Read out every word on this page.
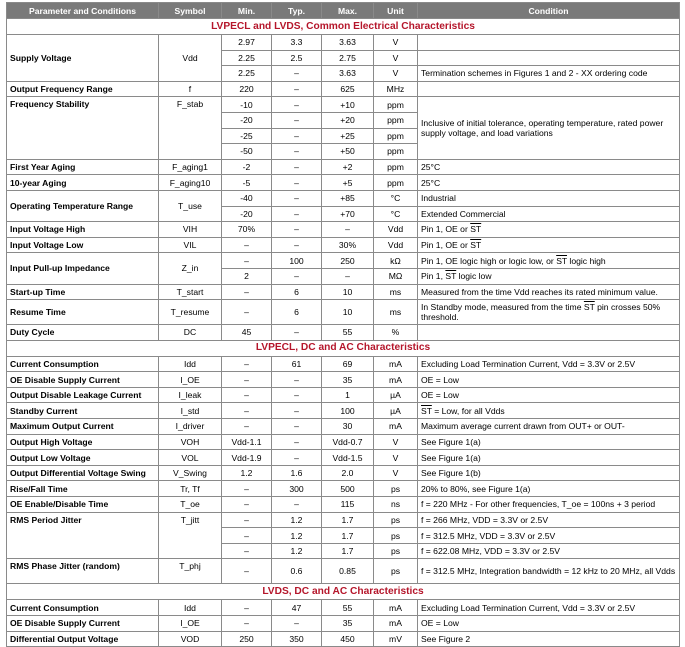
Parameter and Conditions	Symbol	Min.	Typ.	Max.	Unit	Condition
LVPECL and LVDS, Common Electrical Characteristics						
Supply Voltage	Vdd	2.97	3.3	3.63	V	
		2.25	2.5	2.75	V	
		2.25	–	3.63	V	Termination schemes in Figures 1 and 2 - XX ordering code
Output Frequency Range	f	220	–	625	MHz	
Frequency Stability	F_stab	-10	–	+10	ppm	Inclusive of initial tolerance, operating temperature, rated power supply voltage, and load variations
		-20	–	+20	ppm	
		-25	–	+25	ppm	
		-50	–	+50	ppm	
First Year Aging	F_aging1	-2	–	+2	ppm	25°C
10-year Aging	F_aging10	-5	–	+5	ppm	25°C
Operating Temperature Range	T_use	-40	–	+85	°C	Industrial
		-20	–	+70	°C	Extended Commercial
Input Voltage High	VIH	70%	–	–	Vdd	Pin 1, OE or $\overline{ST}$
Input Voltage Low	VIL	–	–	30%	Vdd	Pin 1, OE or $\overline{ST}$
Input Pull-up Impedance	Z_in	–	100	250	kΩ	Pin 1, OE logic high or logic low, or $\overline{ST}$ logic high
		2	–	–	MΩ	Pin 1, $\overline{ST}$ logic low
Start-up Time	T_start	–	6	10	ms	Measured from the time Vdd reaches its rated minimum value.
Resume Time	T_resume	–	6	10	ms	In Standby mode, measured from the time $\overline{ST}$ pin crosses 50% threshold.
Duty Cycle	DC	45	–	55	%	
LVPECL, DC and AC Characteristics						
Current Consumption	Idd	–	61	69	mA	Excluding Load Termination Current, Vdd = 3.3V or 2.5V
OE Disable Supply Current	I_OE	–	–	35	mA	OE = Low
Output Disable Leakage Current	I_leak	–	–	1	µA	OE = Low
Standby Current	I_std	–	–	100	µA	$\overline{ST}$ = Low, for all Vdds
Maximum Output Current	I_driver	–	–	30	mA	Maximum average current drawn from OUT+ or OUT-
Output High Voltage	VOH	Vdd-1.1	–	Vdd-0.7	V	See Figure 1(a)
Output Low Voltage	VOL	Vdd-1.9	–	Vdd-1.5	V	See Figure 1(a)
Output Differential Voltage Swing	V_Swing	1.2	1.6	2.0	V	See Figure 1(b)
Rise/Fall Time	Tr, Tf	–	300	500	ps	20% to 80%, see Figure 1(a)
OE Enable/Disable Time	T_oe	–	–	115	ns	f = 220 MHz - For other frequencies, T_oe = 100ns + 3 period
RMS Period Jitter	T_jitt	–	1.2	1.7	ps	f = 266 MHz, VDD = 3.3V or 2.5V
		–	1.2	1.7	ps	f = 312.5 MHz, VDD = 3.3V or 2.5V
		–	1.2	1.7	ps	f = 622.08 MHz, VDD = 3.3V or 2.5V
RMS Phase Jitter (random)	T_phj	–	0.6	0.85	ps	f = 312.5 MHz, Integration bandwidth = 12 kHz to 20 MHz, all Vdds
LVDS, DC and AC Characteristics						
Current Consumption	Idd	–	47	55	mA	Excluding Load Termination Current, Vdd = 3.3V or 2.5V
OE Disable Supply Current	I_OE	–	–	35	mA	OE = Low
Differential Output Voltage	VOD	250	350	450	mV	See Figure 2
